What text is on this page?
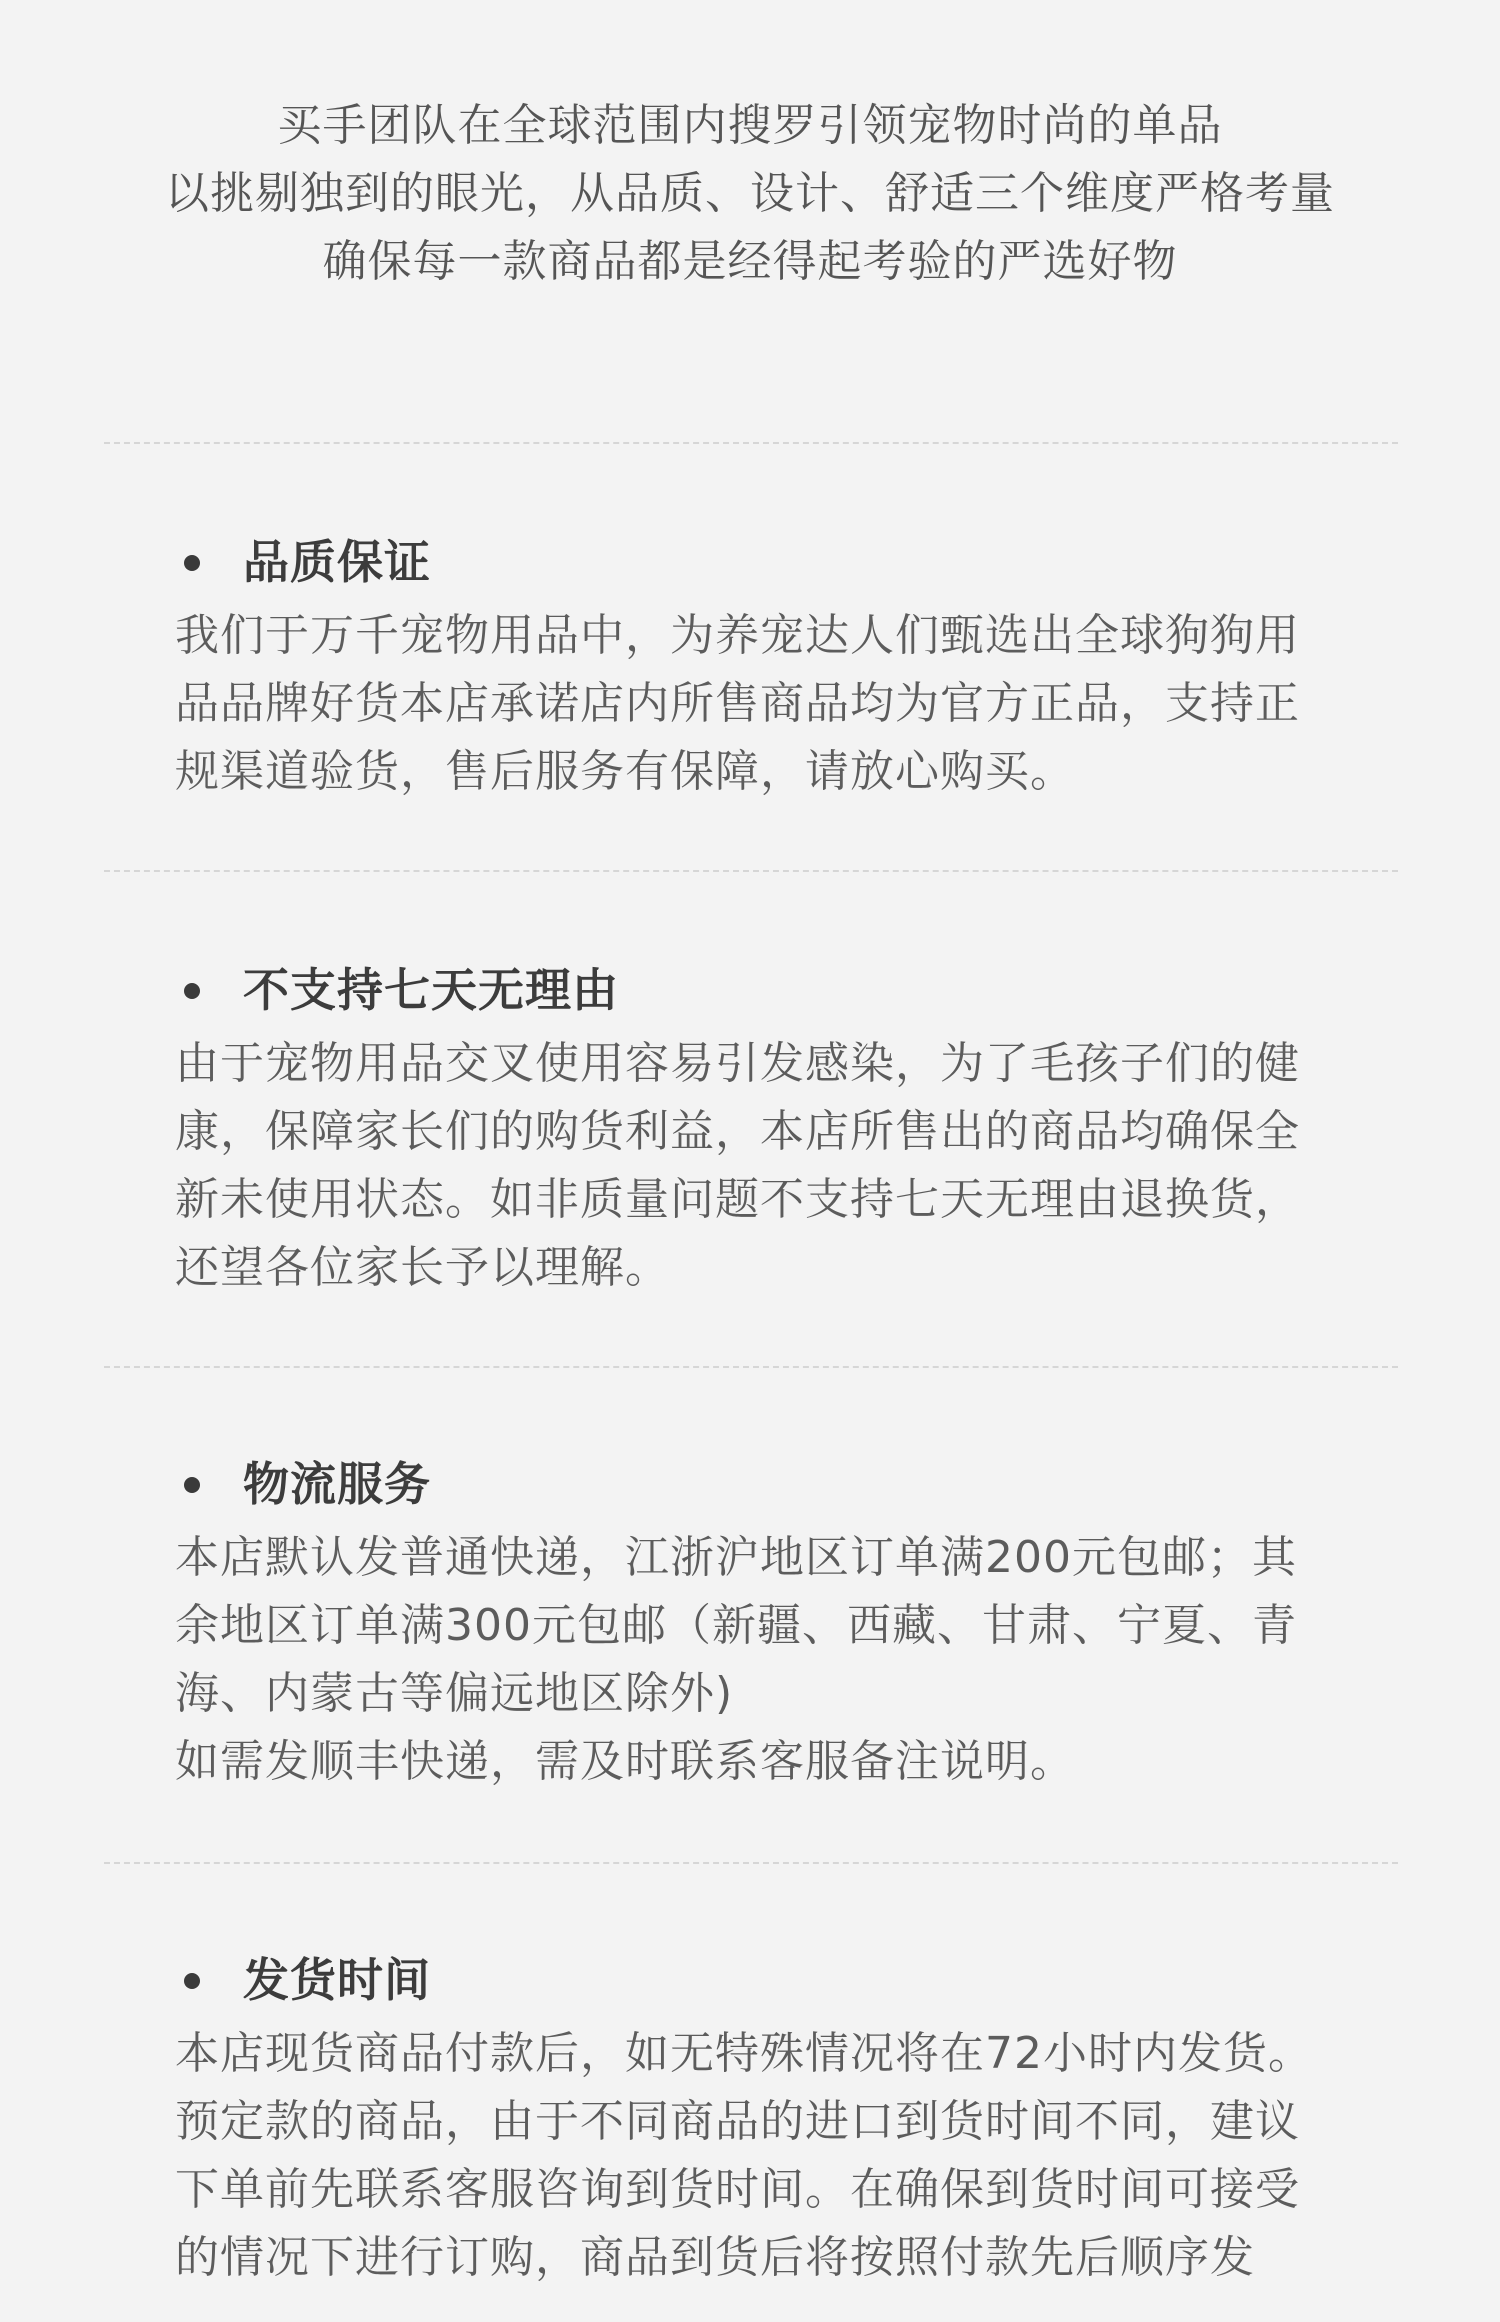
买手团队在全球范围内搜罗引领宠物时尚的单品
以挑剔独到的眼光，从品质、设计、舒适三个维度严格考量
确保每一款商品都是经得起考验的严选好物
品质保证
我们于万千宠物用品中，为养宠达人们甄选出全球狗狗用
品品牌好货本店承诺店内所售商品均为官方正品，支持正
规渠道验货，售后服务有保障，请放心购买。
不支持七天无理由
由于宠物用品交叉使用容易引发感染，为了毛孩子们的健
康，保障家长们的购货利益，本店所售出的商品均确保全
新未使用状态。如非质量问题不支持七天无理由退换货，
还望各位家长予以理解。
物流服务
本店默认发普通快递，江浙沪地区订单满200元包邮；其
余地区订单满300元包邮（新疆、西藏、甘肃、宁夏、青
海、内蒙古等偏远地区除外)
如需发顺丰快递，需及时联系客服备注说明。
发货时间
本店现货商品付款后，如无特殊情况将在72小时内发货。
预定款的商品，由于不同商品的进口到货时间不同，建议
下单前先联系客服咨询到货时间。在确保到货时间可接受
的情况下进行订购，商品到货后将按照付款先后顺序发
